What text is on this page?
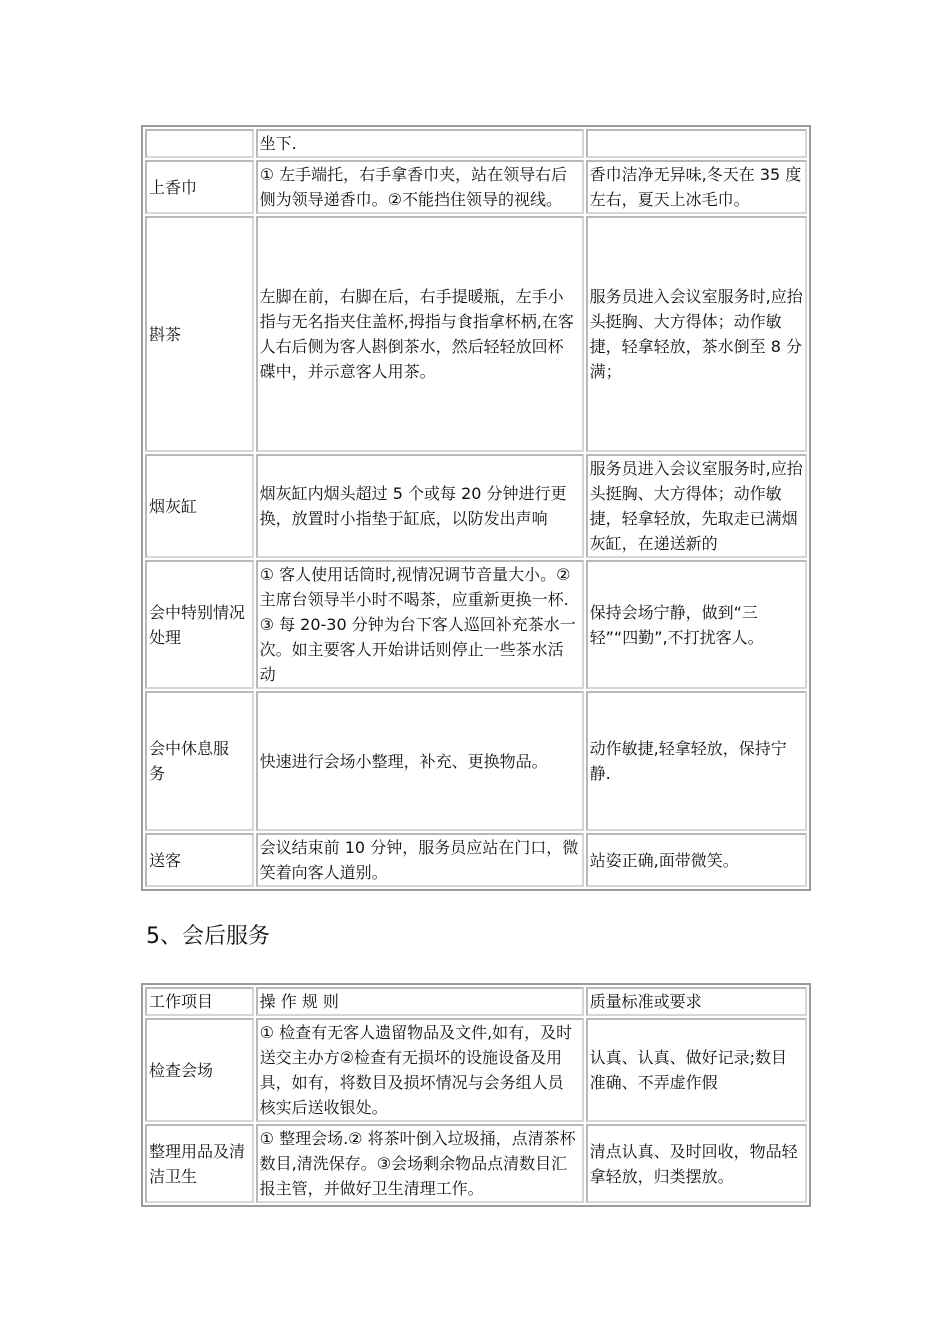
	坐下.	
上香巾	① 左手端托，右手拿香巾夹，站在领导右后侧为领导递香巾。②不能挡住领导的视线。	香巾洁净无异味,冬天在 35 度左右，夏天上冰毛巾。
斟茶	左脚在前，右脚在后，右手提暖瓶，左手小指与无名指夹住盖杯,拇指与食指拿杯柄,在客人右后侧为客人斟倒茶水，然后轻轻放回杯碟中，并示意客人用茶。	服务员进入会议室服务时,应抬头挺胸、大方得体；动作敏捷，轻拿轻放，茶水倒至 8 分满；
烟灰缸	烟灰缸内烟头超过 5 个或每 20 分钟进行更换，放置时小指垫于缸底，以防发出声响	服务员进入会议室服务时,应抬头挺胸、大方得体；动作敏捷，轻拿轻放，先取走已满烟灰缸，在递送新的
会中特别情况处理	① 客人使用话筒时,视情况调节音量大小。②主席台领导半小时不喝茶，应重新更换一杯.③ 每 20-30 分钟为台下客人巡回补充茶水一次。如主要客人开始讲话则停止一些茶水活动	保持会场宁静，做到“三轻”“四勤”,不打扰客人。
会中休息服 务	快速进行会场小整理，补充、更换物品。	动作敏捷,轻拿轻放，保持宁静.
送客	会议结束前 10 分钟，服务员应站在门口，微笑着向客人道别。	站姿正确,面带微笑。
5、会后服务
工作项目	操 作 规 则	质量标准或要求
检查会场	① 检查有无客人遗留物品及文件,如有，及时送交主办方②检查有无损坏的设施设备及用具，如有，将数目及损坏情况与会务组人员核实后送收银处。	认真、认真、做好记录;数目准确、不弄虚作假
整理用品及清洁卫生	① 整理会场.② 将茶叶倒入垃圾捅，点清茶杯数目,清洗保存。③会场剩余物品点清数目汇报主管，并做好卫生清理工作。	清点认真、及时回收，物品轻拿轻放，归类摆放。
